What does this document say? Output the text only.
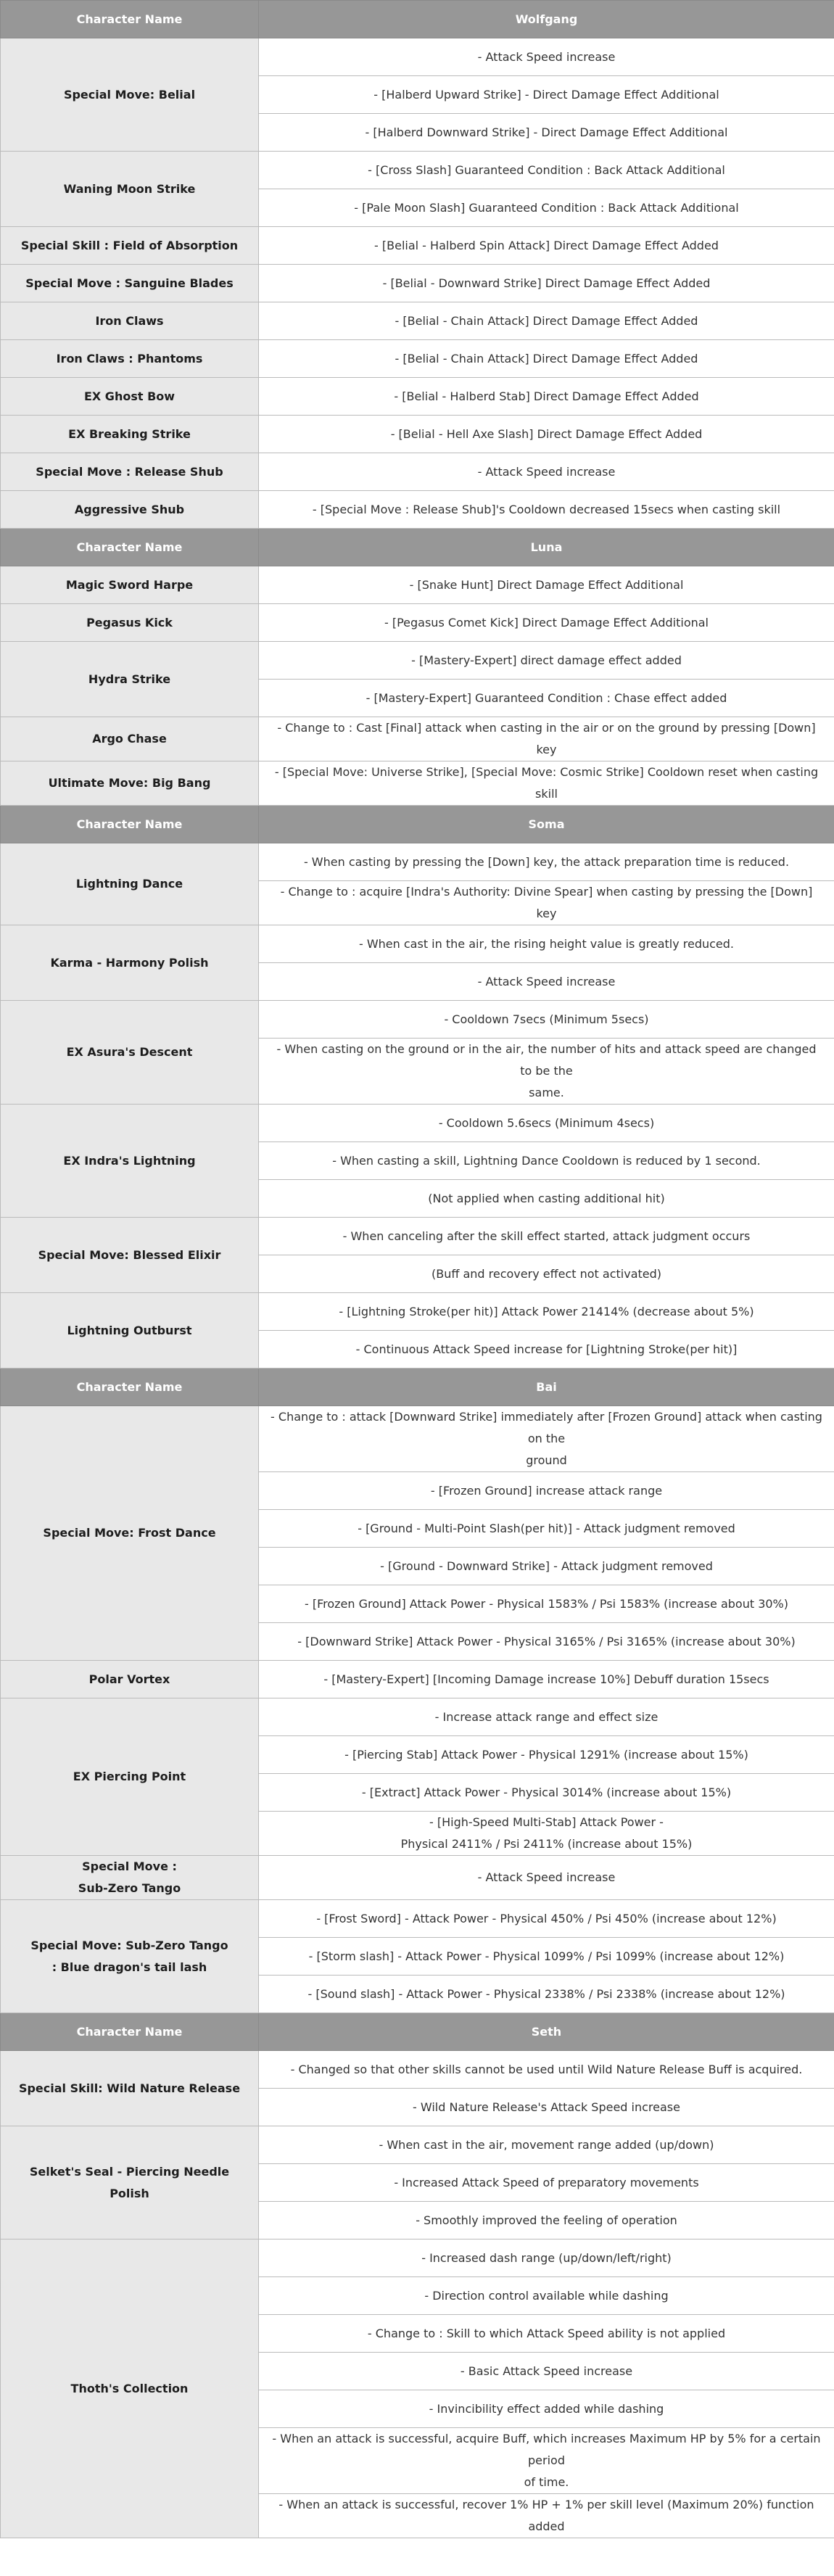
Character Name	Wolfgang

Special Move: Belial	- Attack Speed increase

	- [Halberd Upward Strike] - Direct Damage Effect Additional

	- [Halberd Downward Strike] - Direct Damage Effect Additional

Waning Moon Strike	- [Cross Slash] Guaranteed Condition : Back Attack Additional

	- [Pale Moon Slash] Guaranteed Condition : Back Attack Additional

Special Skill : Field of Absorption	- [Belial - Halberd Spin Attack] Direct Damage Effect Added

Special Move : Sanguine Blades	- [Belial - Downward Strike] Direct Damage Effect Added

Iron Claws	- [Belial - Chain Attack] Direct Damage Effect Added

Iron Claws : Phantoms	- [Belial - Chain Attack] Direct Damage Effect Added

EX Ghost Bow	- [Belial - Halberd Stab] Direct Damage Effect Added

EX Breaking Strike	- [Belial - Hell Axe Slash] Direct Damage Effect Added

Special Move : Release Shub	- Attack Speed increase

Aggressive Shub	- [Special Move : Release Shub]'s Cooldown decreased 15secs when casting skill

Character Name	Luna

Magic Sword Harpe	- [Snake Hunt] Direct Damage Effect Additional

Pegasus Kick	- [Pegasus Comet Kick] Direct Damage Effect Additional

Hydra Strike	- [Mastery-Expert] direct damage effect added

	- [Mastery-Expert] Guaranteed Condition : Chase effect added

Argo Chase	- Change to : Cast [Final] attack when casting in the air or on the ground by pressing [Down] key

Ultimate Move: Big Bang	- [Special Move: Universe Strike], [Special Move: Cosmic Strike] Cooldown reset when casting skill

Character Name	Soma

Lightning Dance	- When casting by pressing the [Down] key, the attack preparation time is reduced.

	- Change to : acquire [Indra's Authority: Divine Spear] when casting by pressing the [Down] key

Karma - Harmony Polish	- When cast in the air, the rising height value is greatly reduced.

	- Attack Speed increase

EX Asura's Descent	- Cooldown 7secs (Minimum 5secs)

	- When casting on the ground or in the air, the number of hits and attack speed are changed to be the
same.

EX Indra's Lightning	- Cooldown 5.6secs (Minimum 4secs)

	- When casting a skill, Lightning Dance Cooldown is reduced by 1 second.

	(Not applied when casting additional hit)

Special Move: Blessed Elixir	- When canceling after the skill effect started, attack judgment occurs

	(Buff and recovery effect not activated)

Lightning Outburst	- [Lightning Stroke(per hit)] Attack Power 21414% (decrease about 5%)

	- Continuous Attack Speed increase for [Lightning Stroke(per hit)]

Character Name	Bai

Special Move: Frost Dance	- Change to : attack [Downward Strike] immediately after [Frozen Ground] attack when casting on the
ground

	- [Frozen Ground] increase attack range

	- [Ground - Multi-Point Slash(per hit)] - Attack judgment removed

	- [Ground - Downward Strike] - Attack judgment removed

	- [Frozen Ground] Attack Power - Physical 1583% / Psi 1583% (increase about 30%)

	- [Downward Strike] Attack Power - Physical 3165% / Psi 3165% (increase about 30%)

Polar Vortex	- [Mastery-Expert] [Incoming Damage increase 10%] Debuff duration 15secs

EX Piercing Point	- Increase attack range and effect size

	- [Piercing Stab] Attack Power - Physical 1291% (increase about 15%)

	- [Extract] Attack Power - Physical 3014% (increase about 15%)

	- [High-Speed Multi-Stab] Attack Power -
Physical 2411% / Psi 2411% (increase about 15%)

Special Move :
Sub-Zero Tango	- Attack Speed increase

Special Move: Sub-Zero Tango
: Blue dragon's tail lash	- [Frost Sword] - Attack Power - Physical 450% / Psi 450% (increase about 12%)

	- [Storm slash] - Attack Power - Physical 1099% / Psi 1099% (increase about 12%)

	- [Sound slash] - Attack Power - Physical 2338% / Psi 2338% (increase about 12%)

Character Name	Seth

Special Skill: Wild Nature Release	- Changed so that other skills cannot be used until Wild Nature Release Buff is acquired.

	- Wild Nature Release's Attack Speed increase

Selket's Seal - Piercing Needle Polish	- When cast in the air, movement range added (up/down)

	- Increased Attack Speed of preparatory movements

	- Smoothly improved the feeling of operation

Thoth's Collection	- Increased dash range (up/down/left/right)

	- Direction control available while dashing

	- Change to : Skill to which Attack Speed ability is not applied

	- Basic Attack Speed increase

	- Invincibility effect added while dashing

	- When an attack is successful, acquire Buff, which increases Maximum HP by 5% for a certain period
of time.

	- When an attack is successful, recover 1% HP + 1% per skill level (Maximum 20%) function added
